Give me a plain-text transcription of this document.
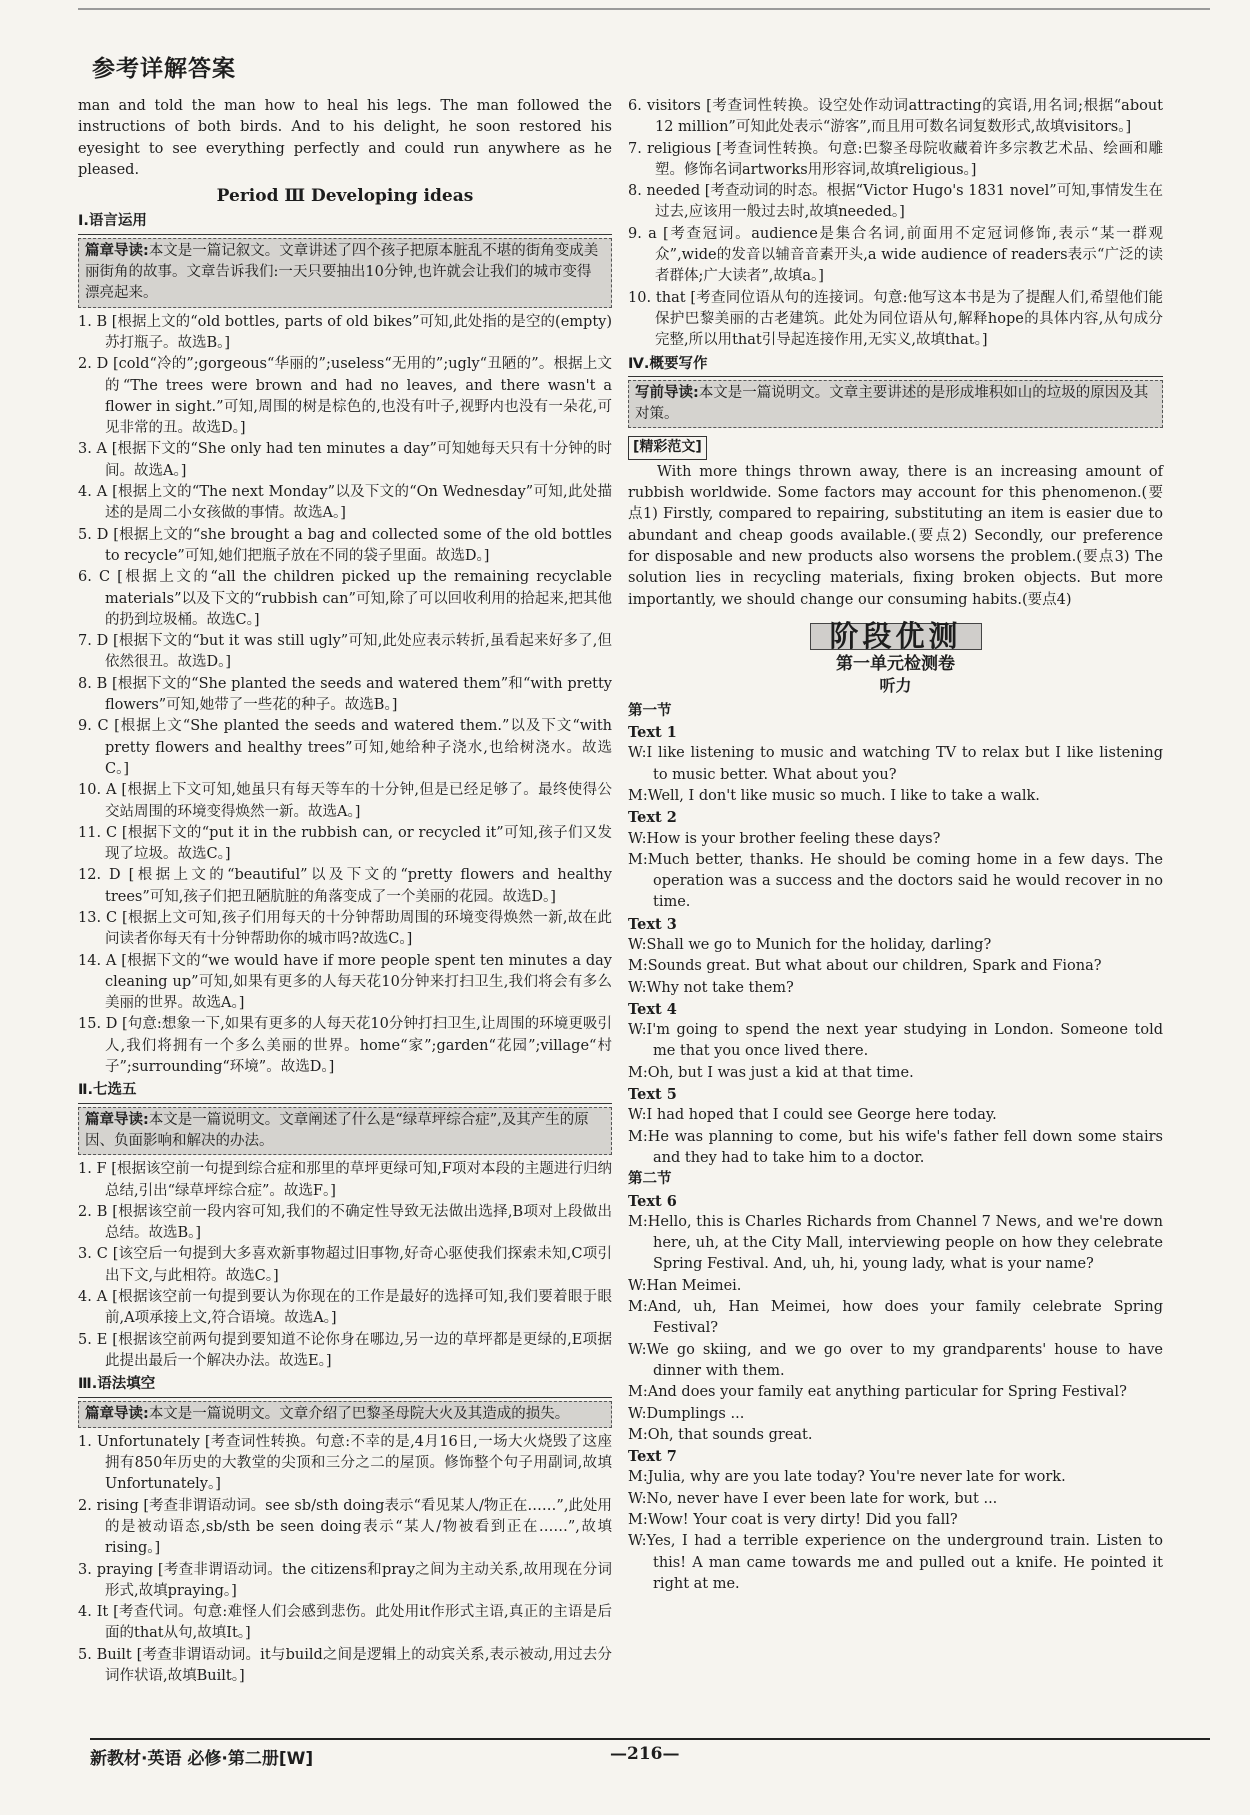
参考详解答案

man and told the man how to heal his legs. The man followed the instructions of both birds. And to his delight, he soon restored his eyesight to see everything perfectly and could run anywhere as he pleased.

Period Ⅲ Developing ideas
Ⅰ.语言运用
篇章导读:本文是一篇记叙文。文章讲述了四个孩子把原本脏乱不堪的街角变成美丽街角的故事。文章告诉我们:一天只要抽出10分钟,也许就会让我们的城市变得漂亮起来。
1. B [根据上文的“old bottles, parts of old bikes”可知,此处指的是空的(empty)苏打瓶子。故选B。]
2. D [cold“冷的”;gorgeous“华丽的”;useless“无用的”;ugly“丑陋的”。根据上文的“The trees were brown and had no leaves, and there wasn't a flower in sight.”可知,周围的树是棕色的,也没有叶子,视野内也没有一朵花,可见非常的丑。故选D。]
3. A [根据下文的“She only had ten minutes a day”可知她每天只有十分钟的时间。故选A。]
4. A [根据上文的“The next Monday”以及下文的“On Wednesday”可知,此处描述的是周二小女孩做的事情。故选A。]
5. D [根据上文的“she brought a bag and collected some of the old bottles to recycle”可知,她们把瓶子放在不同的袋子里面。故选D。]
6. C [根据上文的“all the children picked up the remaining recyclable materials”以及下文的“rubbish can”可知,除了可以回收利用的拾起来,把其他的扔到垃圾桶。故选C。]
7. D [根据下文的“but it was still ugly”可知,此处应表示转折,虽看起来好多了,但依然很丑。故选D。]
8. B [根据下文的“She planted the seeds and watered them”和“with pretty flowers”可知,她带了一些花的种子。故选B。]
9. C [根据上文“She planted the seeds and watered them.”以及下文“with pretty flowers and healthy trees”可知,她给种子浇水,也给树浇水。故选C。]
10. A [根据上下文可知,她虽只有每天等车的十分钟,但是已经足够了。最终使得公交站周围的环境变得焕然一新。故选A。]
11. C [根据下文的“put it in the rubbish can, or recycled it”可知,孩子们又发现了垃圾。故选C。]
12. D [根据上文的“beautiful”以及下文的“pretty flowers and healthy trees”可知,孩子们把丑陋肮脏的角落变成了一个美丽的花园。故选D。]
13. C [根据上文可知,孩子们用每天的十分钟帮助周围的环境变得焕然一新,故在此问读者你每天有十分钟帮助你的城市吗?故选C。]
14. A [根据下文的“we would have if more people spent ten minutes a day cleaning up”可知,如果有更多的人每天花10分钟来打扫卫生,我们将会有多么美丽的世界。故选A。]
15. D [句意:想象一下,如果有更多的人每天花10分钟打扫卫生,让周围的环境更吸引人,我们将拥有一个多么美丽的世界。home“家”;garden“花园”;village“村子”;surrounding“环境”。故选D。]
Ⅱ.七选五
篇章导读:本文是一篇说明文。文章阐述了什么是“绿草坪综合症”,及其产生的原因、负面影响和解决的办法。
1. F [根据该空前一句提到综合症和那里的草坪更绿可知,F项对本段的主题进行归纳总结,引出“绿草坪综合症”。故选F。]
2. B [根据该空前一段内容可知,我们的不确定性导致无法做出选择,B项对上段做出总结。故选B。]
3. C [该空后一句提到大多喜欢新事物超过旧事物,好奇心驱使我们探索未知,C项引出下文,与此相符。故选C。]
4. A [根据该空前一句提到要认为你现在的工作是最好的选择可知,我们要着眼于眼前,A项承接上文,符合语境。故选A。]
5. E [根据该空前两句提到要知道不论你身在哪边,另一边的草坪都是更绿的,E项据此提出最后一个解决办法。故选E。]
Ⅲ.语法填空
篇章导读:本文是一篇说明文。文章介绍了巴黎圣母院大火及其造成的损失。
1. Unfortunately [考查词性转换。句意:不幸的是,4月16日,一场大火烧毁了这座拥有850年历史的大教堂的尖顶和三分之二的屋顶。修饰整个句子用副词,故填Unfortunately。]
2. rising [考查非谓语动词。see sb/sth doing表示“看见某人/物正在……”,此处用的是被动语态,sb/sth be seen doing表示“某人/物被看到正在……”,故填rising。]
3. praying [考查非谓语动词。the citizens和pray之间为主动关系,故用现在分词形式,故填praying。]
4. It [考查代词。句意:难怪人们会感到悲伤。此处用it作形式主语,真正的主语是后面的that从句,故填It。]
5. Built [考查非谓语动词。it与build之间是逻辑上的动宾关系,表示被动,用过去分词作状语,故填Built。]
6. visitors [考查词性转换。设空处作动词attracting的宾语,用名词;根据“about 12 million”可知此处表示“游客”,而且用可数名词复数形式,故填visitors。]
7. religious [考查词性转换。句意:巴黎圣母院收藏着许多宗教艺术品、绘画和雕塑。修饰名词artworks用形容词,故填religious。]
8. needed [考查动词的时态。根据“Victor Hugo's 1831 novel”可知,事情发生在过去,应该用一般过去时,故填needed。]
9. a [考查冠词。audience是集合名词,前面用不定冠词修饰,表示“某一群观众”,wide的发音以辅音音素开头,a wide audience of readers表示“广泛的读者群体;广大读者”,故填a。]
10. that [考查同位语从句的连接词。句意:他写这本书是为了提醒人们,希望他们能保护巴黎美丽的古老建筑。此处为同位语从句,解释hope的具体内容,从句成分完整,所以用that引导起连接作用,无实义,故填that。]
Ⅳ.概要写作
写前导读:本文是一篇说明文。文章主要讲述的是形成堆积如山的垃圾的原因及其对策。
[精彩范文]

With more things thrown away, there is an increasing amount of rubbish worldwide. Some factors may account for this phenomenon.(要点1) Firstly, compared to repairing, substituting an item is easier due to abundant and cheap goods available.(要点2) Secondly, our preference for disposable and new products also worsens the problem.(要点3) The solution lies in recycling materials, fixing broken objects. But more importantly, we should change our consuming habits.(要点4)

阶段优测
第一单元检测卷
听力
第一节
Text 1
W:I like listening to music and watching TV to relax but I like listening to music better. What about you?
M:Well, I don't like music so much. I like to take a walk.
Text 2
W:How is your brother feeling these days?
M:Much better, thanks. He should be coming home in a few days. The operation was a success and the doctors said he would recover in no time.
Text 3
W:Shall we go to Munich for the holiday, darling?
M:Sounds great. But what about our children, Spark and Fiona?
W:Why not take them?
Text 4
W:I'm going to spend the next year studying in London. Someone told me that you once lived there.
M:Oh, but I was just a kid at that time.
Text 5
W:I had hoped that I could see George here today.
M:He was planning to come, but his wife's father fell down some stairs and they had to take him to a doctor.
第二节
Text 6
M:Hello, this is Charles Richards from Channel 7 News, and we're down here, uh, at the City Mall, interviewing people on how they celebrate Spring Festival. And, uh, hi, young lady, what is your name?
W:Han Meimei.
M:And, uh, Han Meimei, how does your family celebrate Spring Festival?
W:We go skiing, and we go over to my grandparents' house to have dinner with them.
M:And does your family eat anything particular for Spring Festival?
W:Dumplings ...
M:Oh, that sounds great.
Text 7
M:Julia, why are you late today? You're never late for work.
W:No, never have I ever been late for work, but ...
M:Wow! Your coat is very dirty! Did you fall?
W:Yes, I had a terrible experience on the underground train. Listen to this! A man came towards me and pulled out a knife. He pointed it right at me.
新教材·英语 必修·第二册[W]	—216—
